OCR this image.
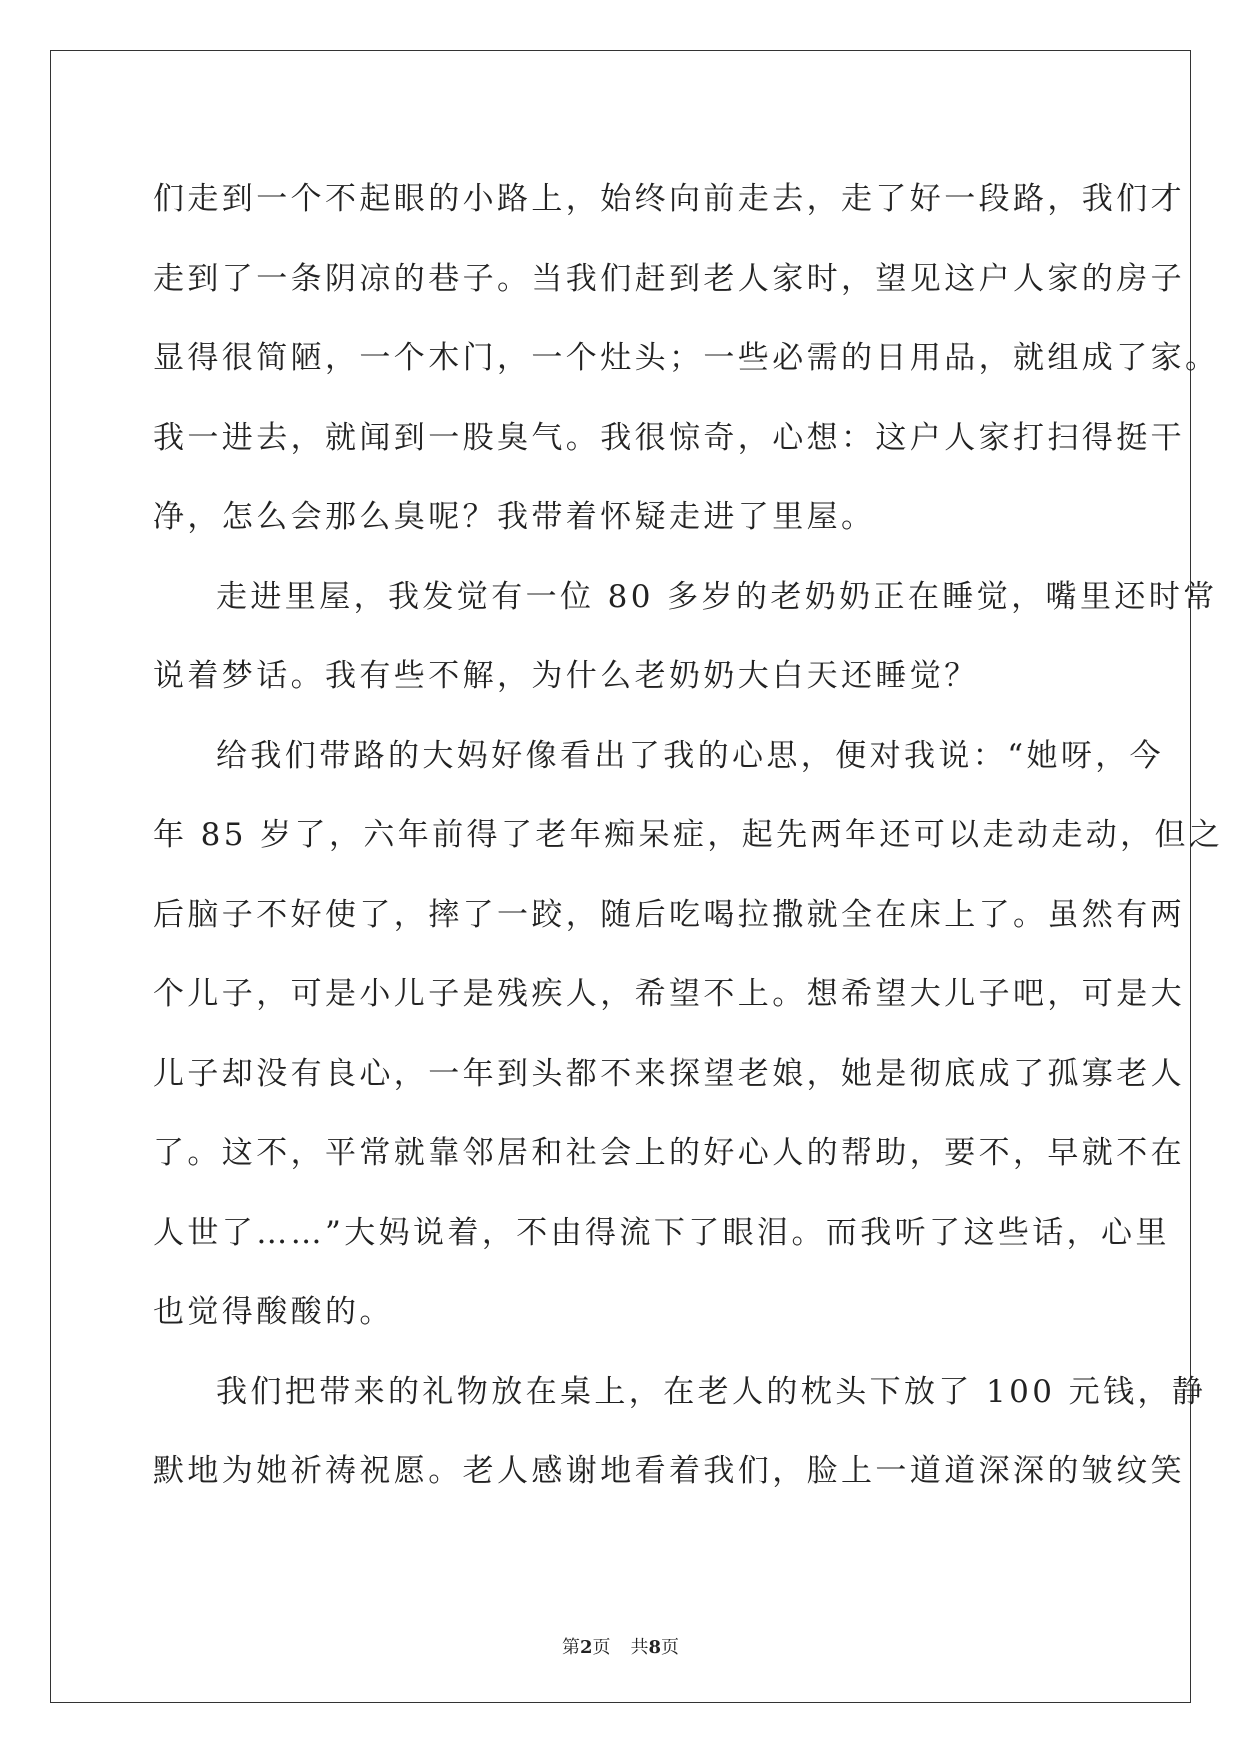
们走到一个不起眼的小路上，始终向前走去，走了好一段路，我们才
走到了一条阴凉的巷子。当我们赶到老人家时，望见这户人家的房子
显得很简陋，一个木门，一个灶头；一些必需的日用品，就组成了家。
我一进去，就闻到一股臭气。我很惊奇，心想：这户人家打扫得挺干
净，怎么会那么臭呢？我带着怀疑走进了里屋。
走进里屋，我发觉有一位 80 多岁的老奶奶正在睡觉，嘴里还时常
说着梦话。我有些不解，为什么老奶奶大白天还睡觉？
给我们带路的大妈好像看出了我的心思，便对我说：“她呀，今
年 85 岁了，六年前得了老年痴呆症，起先两年还可以走动走动，但之
后脑子不好使了，摔了一跤，随后吃喝拉撒就全在床上了。虽然有两
个儿子，可是小儿子是残疾人，希望不上。想希望大儿子吧，可是大
儿子却没有良心，一年到头都不来探望老娘，她是彻底成了孤寡老人
了。这不，平常就靠邻居和社会上的好心人的帮助，要不，早就不在
人世了……”大妈说着，不由得流下了眼泪。而我听了这些话，心里
也觉得酸酸的。
我们把带来的礼物放在桌上，在老人的枕头下放了 100 元钱，静
默地为她祈祷祝愿。老人感谢地看着我们，脸上一道道深深的皱纹笑
第2页 共8页
